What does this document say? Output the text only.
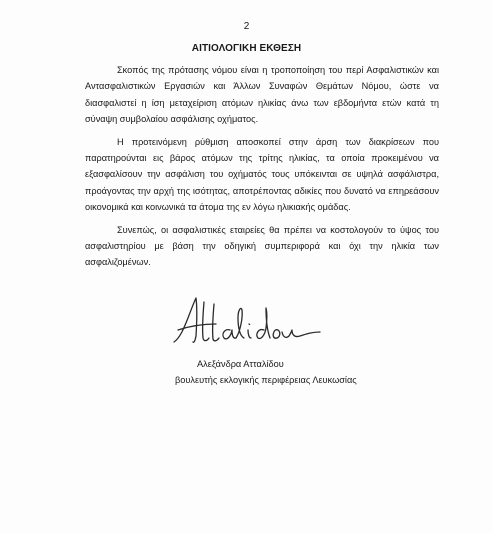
2
ΑΙΤΙΟΛΟΓΙΚΗ ΕΚΘΕΣΗ

Σκοπός της πρότασης νόμου είναι η τροποποίηση του περί Ασφαλιστικών και Αντασφαλιστικών Εργασιών και Άλλων Συναφών Θεμάτων Νόμου, ώστε να διασφαλιστεί η ίση μεταχείριση ατόμων ηλικίας άνω των εβδομήντα ετών κατά τη σύναψη συμβολαίου ασφάλισης οχήματος.

Η προτεινόμενη ρύθμιση αποσκοπεί στην άρση των διακρίσεων που παρατηρούνται εις βάρος ατόμων της τρίτης ηλικίας, τα οποία προκειμένου να εξασφαλίσουν την ασφάλιση του οχήματός τους υπόκεινται σε υψηλά ασφάλιστρα, προάγοντας την αρχή της ισότητας, αποτρέποντας αδικίες που δυνατό να επηρεάσουν οικονομικά και κοινωνικά τα άτομα της εν λόγω ηλικιακής ομάδας.

Συνεπώς, οι ασφαλιστικές εταιρείες θα πρέπει να κοστολογούν το ύψος του ασφαλιστηρίου με βάση την οδηγική συμπεριφορά και όχι την ηλικία των ασφαλιζομένων.

Αλεξάνδρα Ατταλίδου
βουλευτής εκλογικής περιφέρειας Λευκωσίας
